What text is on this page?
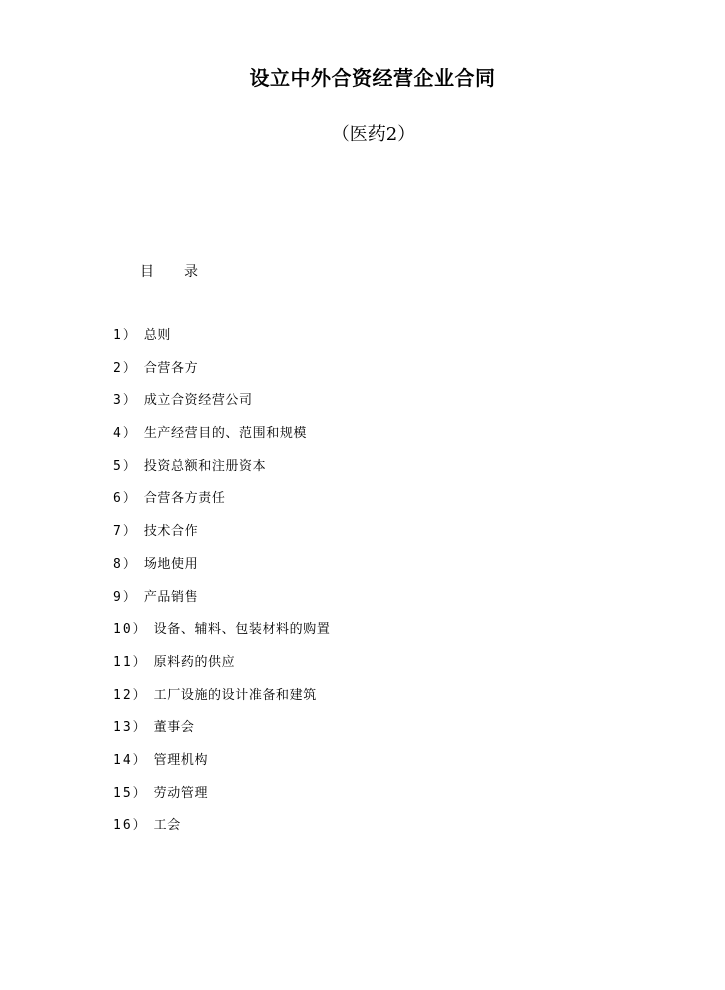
设立中外合资经营企业合同
（医药2）
目 录
1） 总则
2） 合营各方
3） 成立合资经营公司
4） 生产经营目的、范围和规模
5） 投资总额和注册资本
6） 合营各方责任
7） 技术合作
8） 场地使用
9） 产品销售
10） 设备、辅料、包装材料的购置
11） 原料药的供应
12） 工厂设施的设计准备和建筑
13） 董事会
14） 管理机构
15） 劳动管理
16） 工会
